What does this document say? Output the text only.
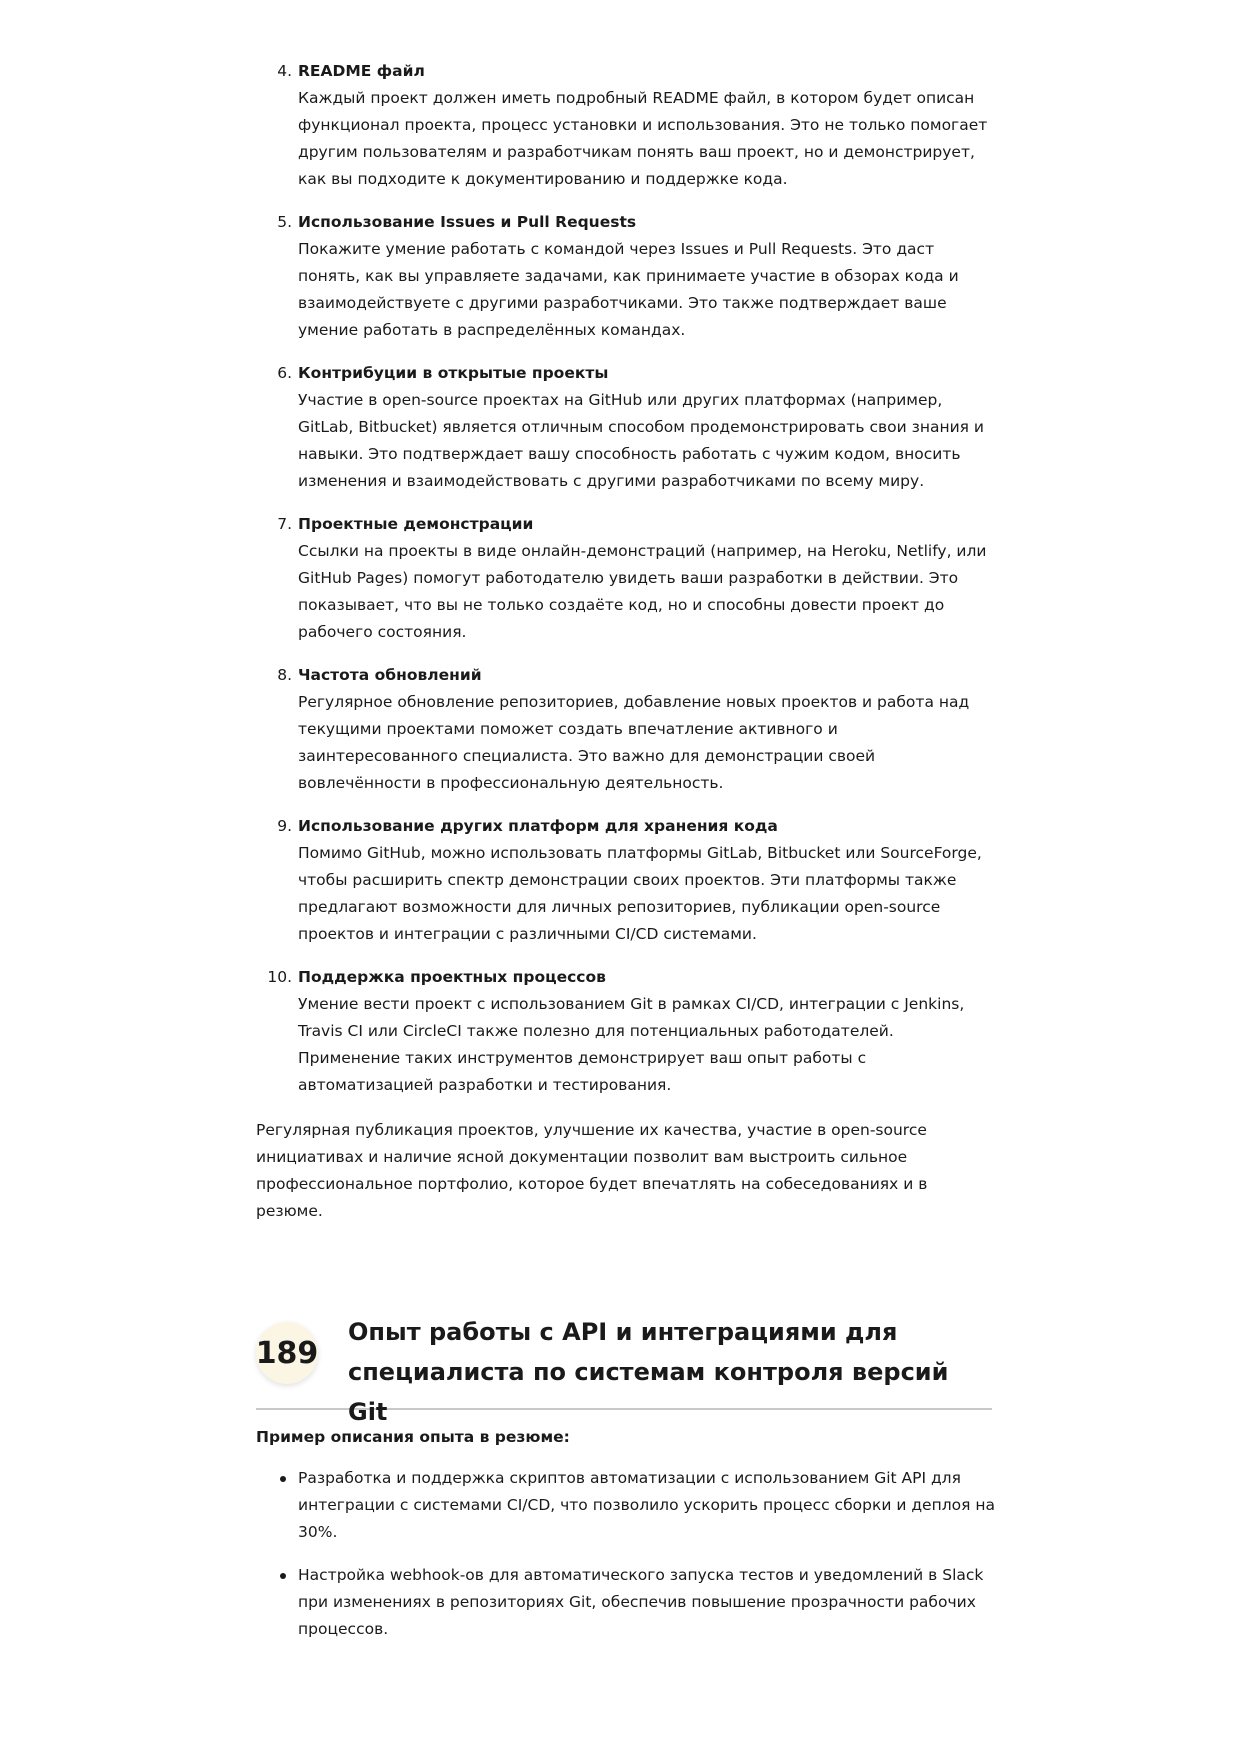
4. README файл

Каждый проект должен иметь подробный README файл, в котором будет описан функционал проекта, процесс установки и использования. Это не только помогает другим пользователям и разработчикам понять ваш проект, но и демонстрирует, как вы подходите к документированию и поддержке кода.

5. Использование Issues и Pull Requests

Покажите умение работать с командой через Issues и Pull Requests. Это даст понять, как вы управляете задачами, как принимаете участие в обзорах кода и взаимодействуете с другими разработчиками. Это также подтверждает ваше умение работать в распределённых командах.

6. Контрибуции в открытые проекты

Участие в open-source проектах на GitHub или других платформах (например, GitLab, Bitbucket) является отличным способом продемонстрировать свои знания и навыки. Это подтверждает вашу способность работать с чужим кодом, вносить изменения и взаимодействовать с другими разработчиками по всему миру.

7. Проектные демонстрации

Ссылки на проекты в виде онлайн-демонстраций (например, на Heroku, Netlify, или GitHub Pages) помогут работодателю увидеть ваши разработки в действии. Это показывает, что вы не только создаёте код, но и способны довести проект до рабочего состояния.

8. Частота обновлений

Регулярное обновление репозиториев, добавление новых проектов и работа над текущими проектами поможет создать впечатление активного и заинтересованного специалиста. Это важно для демонстрации своей вовлечённости в профессиональную деятельность.

9. Использование других платформ для хранения кода

Помимо GitHub, можно использовать платформы GitLab, Bitbucket или SourceForge, чтобы расширить спектр демонстрации своих проектов. Эти платформы также предлагают возможности для личных репозиториев, публикации open-source проектов и интеграции с различными CI/CD системами.

10. Поддержка проектных процессов

Умение вести проект с использованием Git в рамках CI/CD, интеграции с Jenkins, Travis CI или CircleCI также полезно для потенциальных работодателей. Применение таких инструментов демонстрирует ваш опыт работы с автоматизацией разработки и тестирования.

Регулярная публикация проектов, улучшение их качества, участие в open-source инициативах и наличие ясной документации позволит вам выстроить сильное профессиональное портфолио, которое будет впечатлять на собеседованиях и в резюме.

189
Опыт работы с API и интеграциями для специалиста по системам контроля версий Git

Пример описания опыта в резюме:

Разработка и поддержка скриптов автоматизации с использованием Git API для интеграции с системами CI/CD, что позволило ускорить процесс сборки и деплоя на 30%.
Настройка webhook-ов для автоматического запуска тестов и уведомлений в Slack при изменениях в репозиториях Git, обеспечив повышение прозрачности рабочих процессов.
